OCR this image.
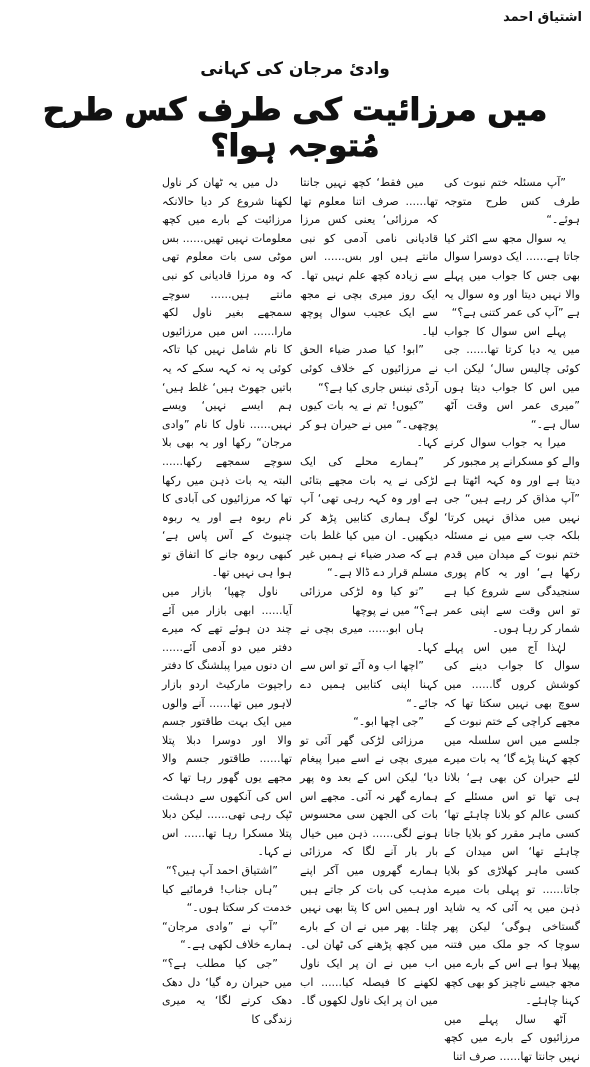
اشتیاق احمد
وادئ مرجان کی کہانی
میں مرزائیت کی طرف کس طرح مُتوجہ ہوا؟

”آپ مسئلہ ختم نبوت کی طرف کس طرح متوجہ ہوئے۔“

یہ سوال مجھ سے اکثر کیا جاتا ہے...... ایک دوسرا سوال بھی جس کا جواب میں پہلے والا نہیں دیتا اور وہ سوال یہ ہے ”آپ کی عمر کتنی ہے؟“

پہلے اس سوال کا جواب میں یہ دیا کرتا تھا...... جی کوئی چالیس سال‘ لیکن اب میں اس کا جواب دیتا ہوں ”میری عمر اس وقت آٹھ سال ہے۔“

میرا یہ جواب سوال کرنے والے کو مسکرانے پر مجبور کر دیتا ہے اور وہ کہہ اٹھتا ہے ”آپ مذاق کر رہے ہیں“ جی نہیں میں مذاق نہیں کرتا‘ بلکہ جب سے میں نے مسئلہ ختم نبوت کے میدان میں قدم رکھا ہے‘ اور یہ کام پوری سنجیدگی سے شروع کیا ہے تو اس وقت سے اپنی عمر شمار کر رہا ہوں۔

لہٰذا آج میں اس پہلے سوال کا جواب دینے کی کوشش کروں گا...... میں سوچ بھی نہیں سکتا تھا کہ مجھے کراچی کے ختم نبوت کے جلسے میں اس سلسلہ میں کچھ کہنا پڑے گا‘ یہ بات میرے لئے حیران کن بھی ہے‘ بلانا ہی تھا تو اس مسئلے کے کسی عالم کو بلانا چاہئے تھا‘ کسی ماہر مقرر کو بلایا جانا چاہئے تھا‘ اس میدان کے کسی ماہر کھلاڑی کو بلایا جاتا...... تو پہلی بات میرے ذہن میں یہ آئی کہ یہ شاید گستاخی ہوگی‘ لیکن پھر سوچا کہ جو ملک میں فتنہ پھیلا ہوا ہے اس کے بارے میں مجھ جیسے ناچیز کو بھی کچھ کہنا چاہئے۔

آٹھ سال پہلے میں مرزائیوں کے بارے میں کچھ نہیں جانتا تھا...... صرف اتنا

میں فقط‘ کچھ نہیں جانتا تھا...... صرف اتنا معلوم تھا کہ مرزائی‘ یعنی کس مرزا قادیانی نامی آدمی کو نبی مانتے ہیں اور بس...... اس سے زیادہ کچھ علم نہیں تھا۔ ایک روز میری بچی نے مجھ سے ایک عجیب سوال پوچھ لیا۔

”ابو! کیا صدر ضیاء الحق نے مرزائیوں کے خلاف کوئی آرڈی نینس جاری کیا ہے؟“

”کیوں! تم نے یہ بات کیوں پوچھی۔“ میں نے حیران ہو کر کہا۔

”ہمارے محلے کی ایک لڑکی نے یہ بات مجھے بتائی ہے اور وہ کہہ رہی تھی‘ آپ لوگ ہماری کتابیں پڑھ کر دیکھیں۔ ان میں کیا غلط بات ہے کہ صدر ضیاء نے ہمیں غیر مسلم قرار دے ڈالا ہے۔“

”تو کیا وہ لڑکی مرزائی ہے؟“ میں نے پوچھا

ہاں ابو...... میری بچی نے کہا۔

”اچھا اب وہ آئے تو اس سے کہنا اپنی کتابیں ہمیں دے جائے۔“

”جی اچھا ابو۔“

مرزائی لڑکی گھر آئی تو میری بچی نے اسے میرا پیغام دیا‘ لیکن اس کے بعد وہ پھر ہمارے گھر نہ آئی۔ مجھے اس بات کی الجھن سی محسوس ہونے لگی...... ذہن میں خیال بار بار آنے لگا کہ مرزائی ہمارے گھروں میں آکر اپنے مذہب کی بات کر جاتے ہیں اور ہمیں اس کا پتا بھی نہیں چلتا۔ پھر میں نے ان کے بارے میں کچھ پڑھنے کی ٹھان لی۔ اب میں نے ان پر ایک ناول لکھنے کا فیصلہ کیا...... اب میں ان پر ایک ناول لکھوں گا۔

دل میں یہ ٹھان کر ناول لکھنا شروع کر دیا حالانکہ مرزائیت کے بارے میں کچھ معلومات نہیں تھیں...... بس موٹی سی بات معلوم تھی کہ وہ مرزا قادیانی کو نبی مانتے ہیں...... سوچے سمجھے بغیر ناول لکھ مارا...... اس میں مرزائیوں کا نام شامل نہیں کیا تاکہ کوئی یہ نہ کہہ سکے کہ یہ باتیں جھوٹ ہیں‘ غلط ہیں‘ ہم ایسے نہیں‘ ویسے نہیں...... ناول کا نام ”وادی مرجان“ رکھا اور یہ بھی بلا سوچے سمجھے رکھا...... البتہ یہ بات ذہن میں رکھا تھا کہ مرزائیوں کی آبادی کا نام ربوہ ہے اور یہ ربوہ چنیوٹ کے آس پاس ہے‘ کبھی ربوہ جانے کا اتفاق تو ہوا ہی نہیں تھا۔

ناول چھپا‘ بازار میں آیا...... ابھی بازار میں آئے چند دن ہوئے تھے کہ میرے دفتر میں دو آدمی آئے...... ان دنوں میرا پبلشنگ کا دفتر راجپوت مارکیٹ اردو بازار لاہور میں تھا...... آنے والوں میں ایک بہت طاقتور جسم والا اور دوسرا دبلا پتلا تھا...... طاقتور جسم والا مجھے یوں گھور رہا تھا کہ اس کی آنکھوں سے دہشت ٹپک رہی تھی...... لیکن دبلا پتلا مسکرا رہا تھا...... اس نے کہا۔

”اشتیاق احمد آپ ہیں؟“

”ہاں جناب! فرمائیے کیا خدمت کر سکتا ہوں۔“

”آپ نے ”وادی مرجان“ ہمارے خلاف لکھی ہے۔“

”جی کیا مطلب ہے؟“ میں حیران رہ گیا‘ دل دھک دھک کرنے لگا‘ یہ میری زندگی کا
